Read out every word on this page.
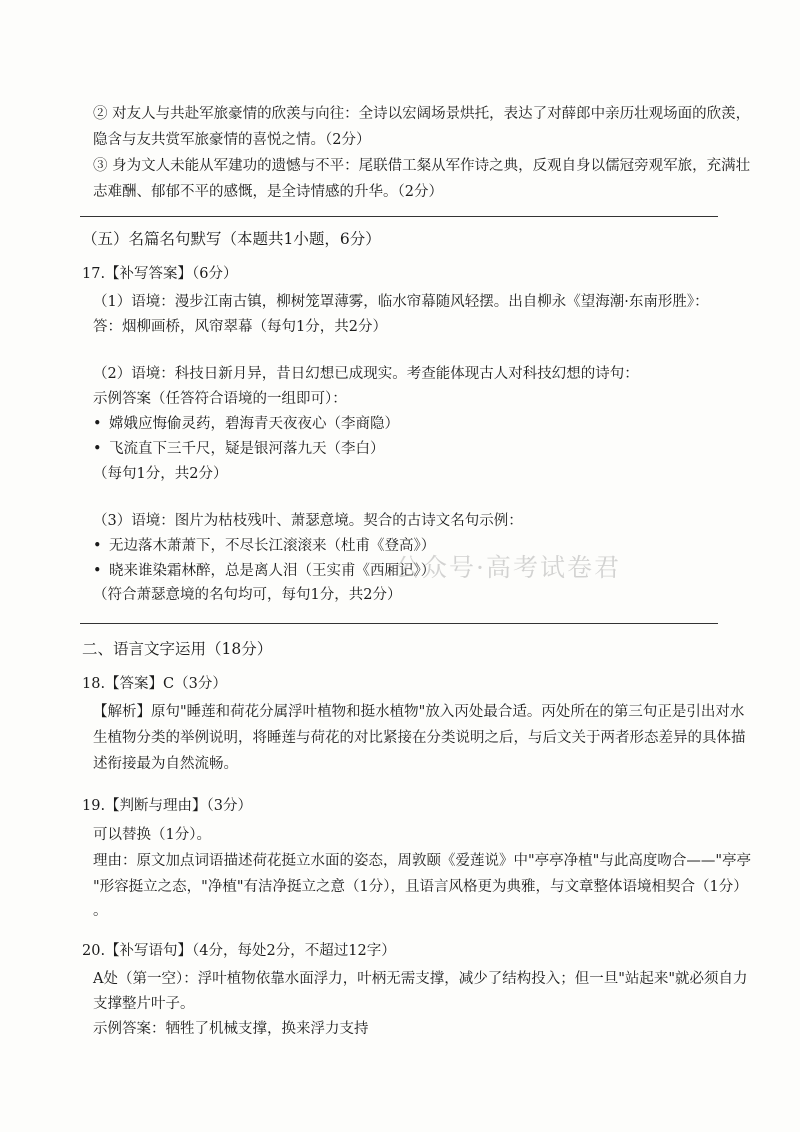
② 对友人与共赴军旅豪情的欣羡与向往：全诗以宏阔场景烘托，表达了对薛郎中亲历壮观场面的欣羡，
隐含与友共赏军旅豪情的喜悦之情。（2分）
③ 身为文人未能从军建功的遗憾与不平：尾联借工粲从军作诗之典，反观自身以儒冠旁观军旅，充满壮
志难酬、郁郁不平的感慨，是全诗情感的升华。（2分）
（五）名篇名句默写（本题共1小题，6分）
17.【补写答案】（6分）
（1）语境：漫步江南古镇，柳树笼罩薄雾，临水帘幕随风轻摆。出自柳永《望海潮·东南形胜》：
答：烟柳画桥，风帘翠幕（每句1分，共2分）
（2）语境：科技日新月异，昔日幻想已成现实。考查能体现古人对科技幻想的诗句：
示例答案（任答符合语境的一组即可）：
• 嫦娥应悔偷灵药，碧海青天夜夜心（李商隐）
• 飞流直下三千尺，疑是银河落九天（李白）
（每句1分，共2分）
（3）语境：图片为枯枝残叶、萧瑟意境。契合的古诗文名句示例：
• 无边落木萧萧下，不尽长江滚滚来（杜甫《登高》）
• 晓来谁染霜林醉，总是离人泪（王实甫《西厢记》）
（符合萧瑟意境的名句均可，每句1分，共2分）
公众号·高考试卷君
二、语言文字运用（18分）
18.【答案】C（3分）
【解析】原句"睡莲和荷花分属浮叶植物和挺水植物"放入丙处最合适。丙处所在的第三句正是引出对水
生植物分类的举例说明，将睡莲与荷花的对比紧接在分类说明之后，与后文关于两者形态差异的具体描
述衔接最为自然流畅。
19.【判断与理由】（3分）
可以替换（1分）。
理由：原文加点词语描述荷花挺立水面的姿态，周敦颐《爱莲说》中"亭亭净植"与此高度吻合——"亭亭
"形容挺立之态，"净植"有洁净挺立之意（1分），且语言风格更为典雅，与文章整体语境相契合（1分）
。
20.【补写语句】（4分，每处2分，不超过12字）
A处（第一空）：浮叶植物依靠水面浮力，叶柄无需支撑，减少了结构投入；但一旦"站起来"就必须自力
支撑整片叶子。
示例答案：牺牲了机械支撑，换来浮力支持
